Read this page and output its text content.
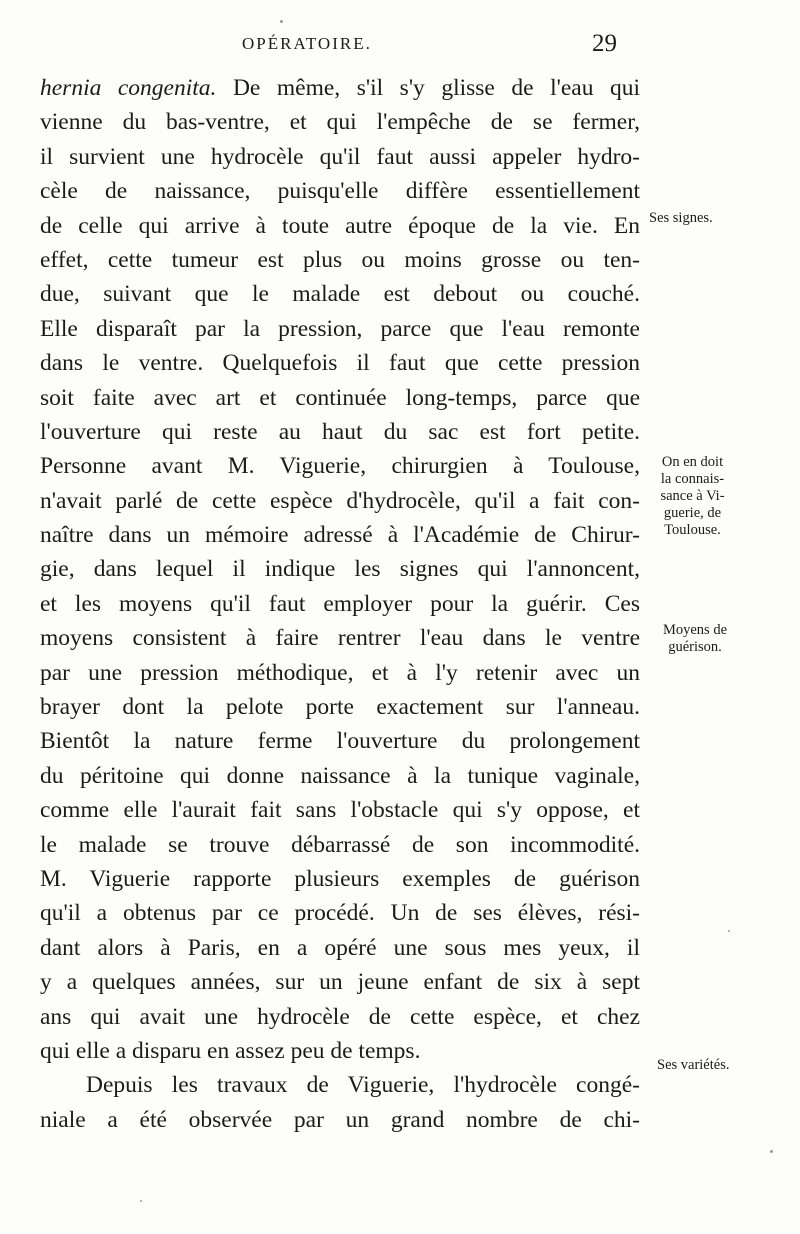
OPÉRATOIRE.	29
hernia congenita. De même, s'il s'y glisse de l'eau qui
vienne du bas-ventre, et qui l'empêche de se fermer,
il survient une hydrocèle qu'il faut aussi appeler hydro-
cèle de naissance, puisqu'elle diffère essentiellement
de celle qui arrive à toute autre époque de la vie. En
effet, cette tumeur est plus ou moins grosse ou ten-
due, suivant que le malade est debout ou couché.
Elle disparaît par la pression, parce que l'eau remonte
dans le ventre. Quelquefois il faut que cette pression
soit faite avec art et continuée long-temps, parce que
l'ouverture qui reste au haut du sac est fort petite.
Personne avant M. Viguerie, chirurgien à Toulouse,
n'avait parlé de cette espèce d'hydrocèle, qu'il a fait con-
naître dans un mémoire adressé à l'Académie de Chirur-
gie, dans lequel il indique les signes qui l'annoncent,
et les moyens qu'il faut employer pour la guérir. Ces
moyens consistent à faire rentrer l'eau dans le ventre
par une pression méthodique, et à l'y retenir avec un
brayer dont la pelote porte exactement sur l'anneau.
Bientôt la nature ferme l'ouverture du prolongement
du péritoine qui donne naissance à la tunique vaginale,
comme elle l'aurait fait sans l'obstacle qui s'y oppose, et
le malade se trouve débarrassé de son incommodité.
M. Viguerie rapporte plusieurs exemples de guérison
qu'il a obtenus par ce procédé. Un de ses élèves, rési-
dant alors à Paris, en a opéré une sous mes yeux, il
y a quelques années, sur un jeune enfant de six à sept
ans qui avait une hydrocèle de cette espèce, et chez
qui elle a disparu en assez peu de temps.
Depuis les travaux de Viguerie, l'hydrocèle congé-
niale a été observée par un grand nombre de chi-
Ses signes.
On en doit
la connais-
sance à Vi-
guerie, de
Toulouse.
Moyens de
guérison.
Ses variétés.
